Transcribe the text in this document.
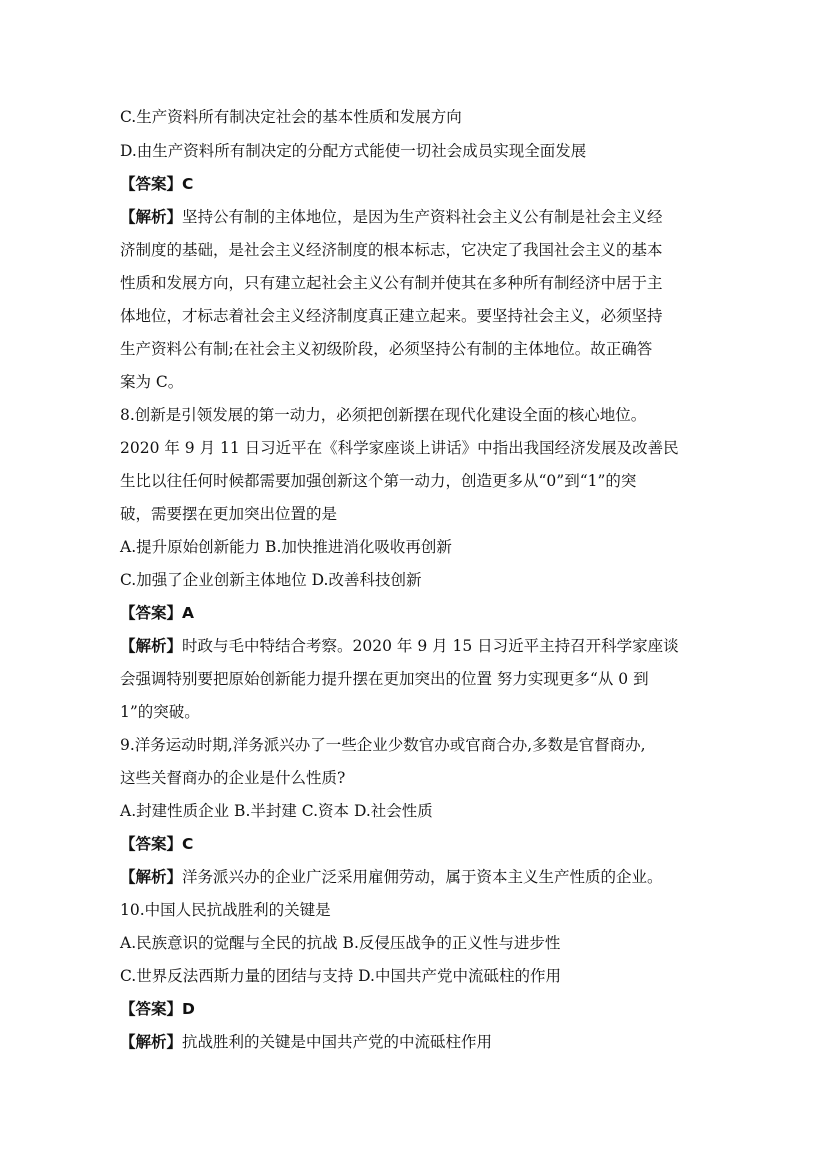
C.生产资料所有制决定社会的基本性质和发展方向
D.由生产资料所有制决定的分配方式能使一切社会成员实现全面发展
【答案】C
【解析】坚持公有制的主体地位，是因为生产资料社会主义公有制是社会主义经
济制度的基础，是社会主义经济制度的根本标志，它决定了我国社会主义的基本
性质和发展方向，只有建立起社会主义公有制并使其在多种所有制经济中居于主
体地位，才标志着社会主义经济制度真正建立起来。要坚持社会主义，必须坚持
生产资料公有制;在社会主义初级阶段，必须坚持公有制的主体地位。故正确答
案为 C。
8.创新是引领发展的第一动力，必须把创新摆在现代化建设全面的核心地位。
2020 年 9 月 11 日习近平在《科学家座谈上讲话》中指出我国经济发展及改善民
生比以往任何时候都需要加强创新这个第一动力，创造更多从“0”到“1”的突
破，需要摆在更加突出位置的是
A.提升原始创新能力 B.加快推进消化吸收再创新
C.加强了企业创新主体地位 D.改善科技创新
【答案】A
【解析】时政与毛中特结合考察。2020 年 9 月 15 日习近平主持召开科学家座谈
会强调特别要把原始创新能力提升摆在更加突出的位置 努力实现更多“从 0 到
1”的突破。
9.洋务运动时期,洋务派兴办了一些企业少数官办或官商合办,多数是官督商办,
这些关督商办的企业是什么性质?
A.封建性质企业 B.半封建 C.资本 D.社会性质
【答案】C
【解析】洋务派兴办的企业广泛采用雇佣劳动，属于资本主义生产性质的企业。
10.中国人民抗战胜利的关键是
A.民族意识的觉醒与全民的抗战 B.反侵压战争的正义性与进步性
C.世界反法西斯力量的团结与支持 D.中国共产党中流砥柱的作用
【答案】D
【解析】抗战胜利的关键是中国共产党的中流砥柱作用
